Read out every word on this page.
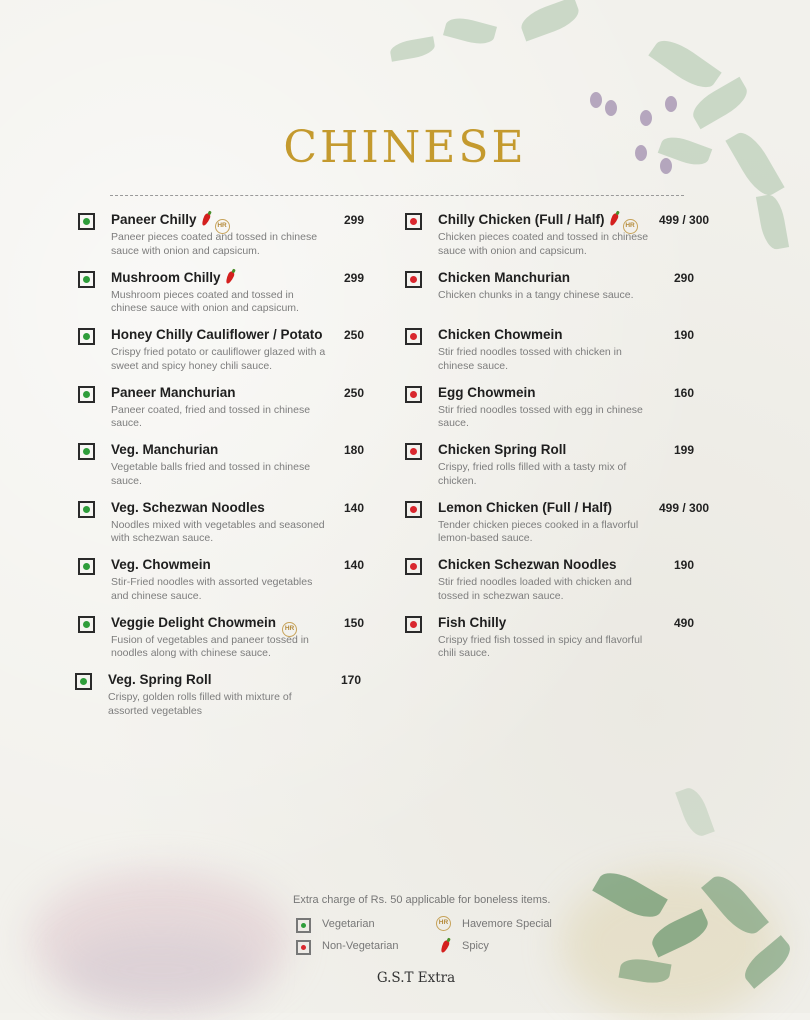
CHINESE
Paneer Chilly	HR	299
Paneer pieces coated and tossed in chinese sauce with onion and capsicum.
Mushroom Chilly	299
Mushroom pieces coated and tossed in chinese sauce with onion and capsicum.
Honey Chilly Cauliflower / Potato 250
Crispy fried potato or cauliflower glazed with a sweet and spicy honey chili sauce.
Paneer Manchurian	250
Paneer coated, fried and tossed in chinese sauce.
Veg. Manchurian	180
Vegetable balls fried and tossed in chinese sauce.
Veg. Schezwan Noodles	140
Noodles mixed with vegetables and seasoned with schezwan sauce.
Veg. Chowmein	140
Stir-Fried noodles with assorted vegetables and chinese sauce.
Veggie Delight Chowmein HR	150
Fusion of vegetables and paneer tossed in noodles along with chinese sauce.
Veg. Spring Roll	170
Crispy, golden rolls filled with mixture of assorted vegetables
Chilly Chicken (Full / Half)	HR 499 / 300
Chicken pieces coated and tossed in chinese sauce with onion and capsicum.
Chicken Manchurian	290
Chicken chunks in a tangy chinese sauce.
Chicken Chowmein	190
Stir fried noodles tossed with chicken in chinese sauce.
Egg Chowmein	160
Stir fried noodles tossed with egg in chinese sauce.
Chicken Spring Roll	199
Crispy, fried rolls filled with a tasty mix of chicken.
Lemon Chicken (Full / Half)	499 / 300
Tender chicken pieces cooked in a flavorful lemon-based sauce.
Chicken Schezwan Noodles	190
Stir fried noodles loaded with chicken and tossed in schezwan sauce.
Fish Chilly	490
Crispy fried fish tossed in spicy and flavorful chili sauce.
Extra charge of Rs. 50 applicable for boneless items.
Vegetarian
Non-Vegetarian
HR Havemore Special
Spicy
G.S.T Extra
